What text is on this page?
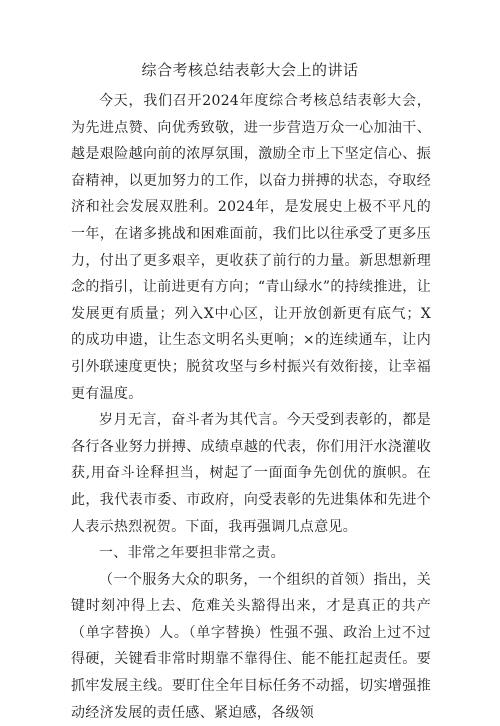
综合考核总结表彰大会上的讲话

今天，我们召开2024年度综合考核总结表彰大会，为先进点赞、向优秀致敬，进一步营造万众一心加油干、越是艰险越向前的浓厚氛围，激励全市上下坚定信心、振奋精神，以更加努力的工作，以奋力拼搏的状态，夺取经济和社会发展双胜利。2024年，是发展史上极不平凡的一年，在诸多挑战和困难面前，我们比以往承受了更多压力，付出了更多艰辛，更收获了前行的力量。新思想新理念的指引，让前进更有方向；“青山绿水”的持续推进，让发展更有质量；列入X中心区，让开放创新更有底气；X的成功申遗，让生态文明名头更响；×的连续通车，让内引外联速度更快；脱贫攻坚与乡村振兴有效衔接，让幸福更有温度。

岁月无言，奋斗者为其代言。今天受到表彰的，都是各行各业努力拼搏、成绩卓越的代表，你们用汗水浇灌收获,用奋斗诠释担当，树起了一面面争先创优的旗帜。在此，我代表市委、市政府，向受表彰的先进集体和先进个人表示热烈祝贺。下面，我再强调几点意见。

一、非常之年要担非常之责。

（一个服务大众的职务，一个组织的首领）指出，关键时刻冲得上去、危难关头豁得出来，才是真正的共产（单字替换）人。（单字替换）性强不强、政治上过不过得硬，关键看非常时期靠不靠得住、能不能扛起责任。要抓牢发展主线。要盯住全年目标任务不动摇，切实增强推动经济发展的责任感、紧迫感，各级领
